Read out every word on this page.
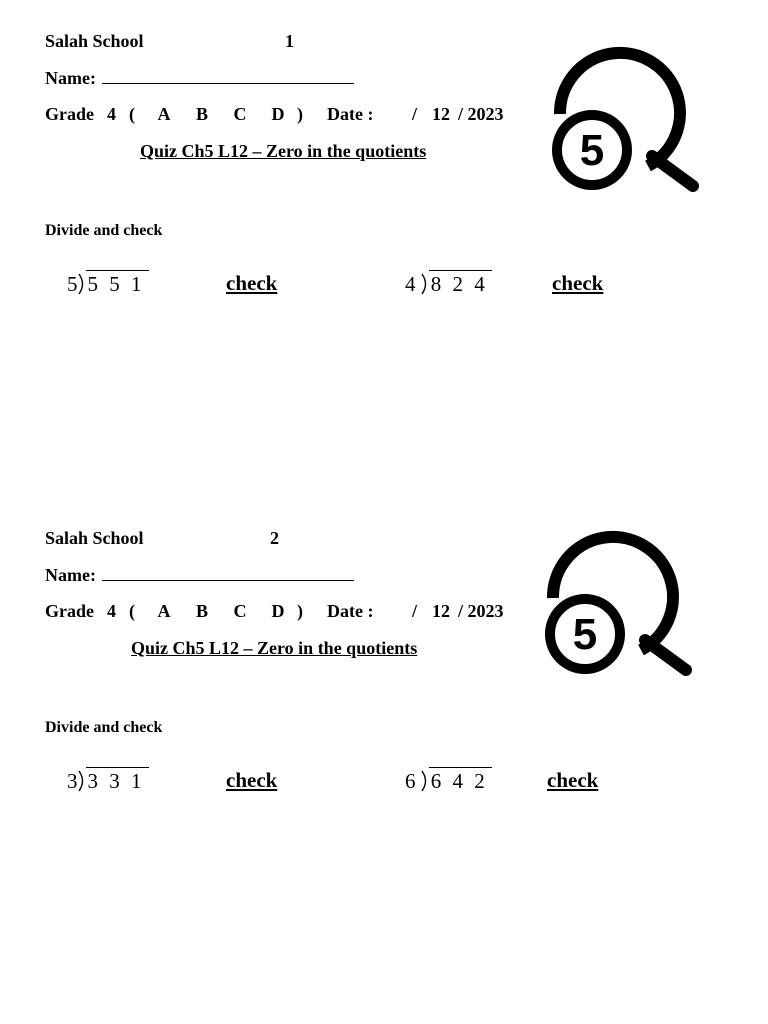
Salah School	1
Name:
Grade 4 ( A B C D ) Date : / 12 / 2023
Quiz Ch5 L12 – Zero in the quotients
Divide and check
5 5 5 1	check	4 8 2 4	check
5
Salah School	2
Name:
Grade 4 ( A B C D ) Date : / 12 / 2023
Quiz Ch5 L12 – Zero in the quotients
Divide and check
3 3 3 1	check	6 6 4 2	check
5
